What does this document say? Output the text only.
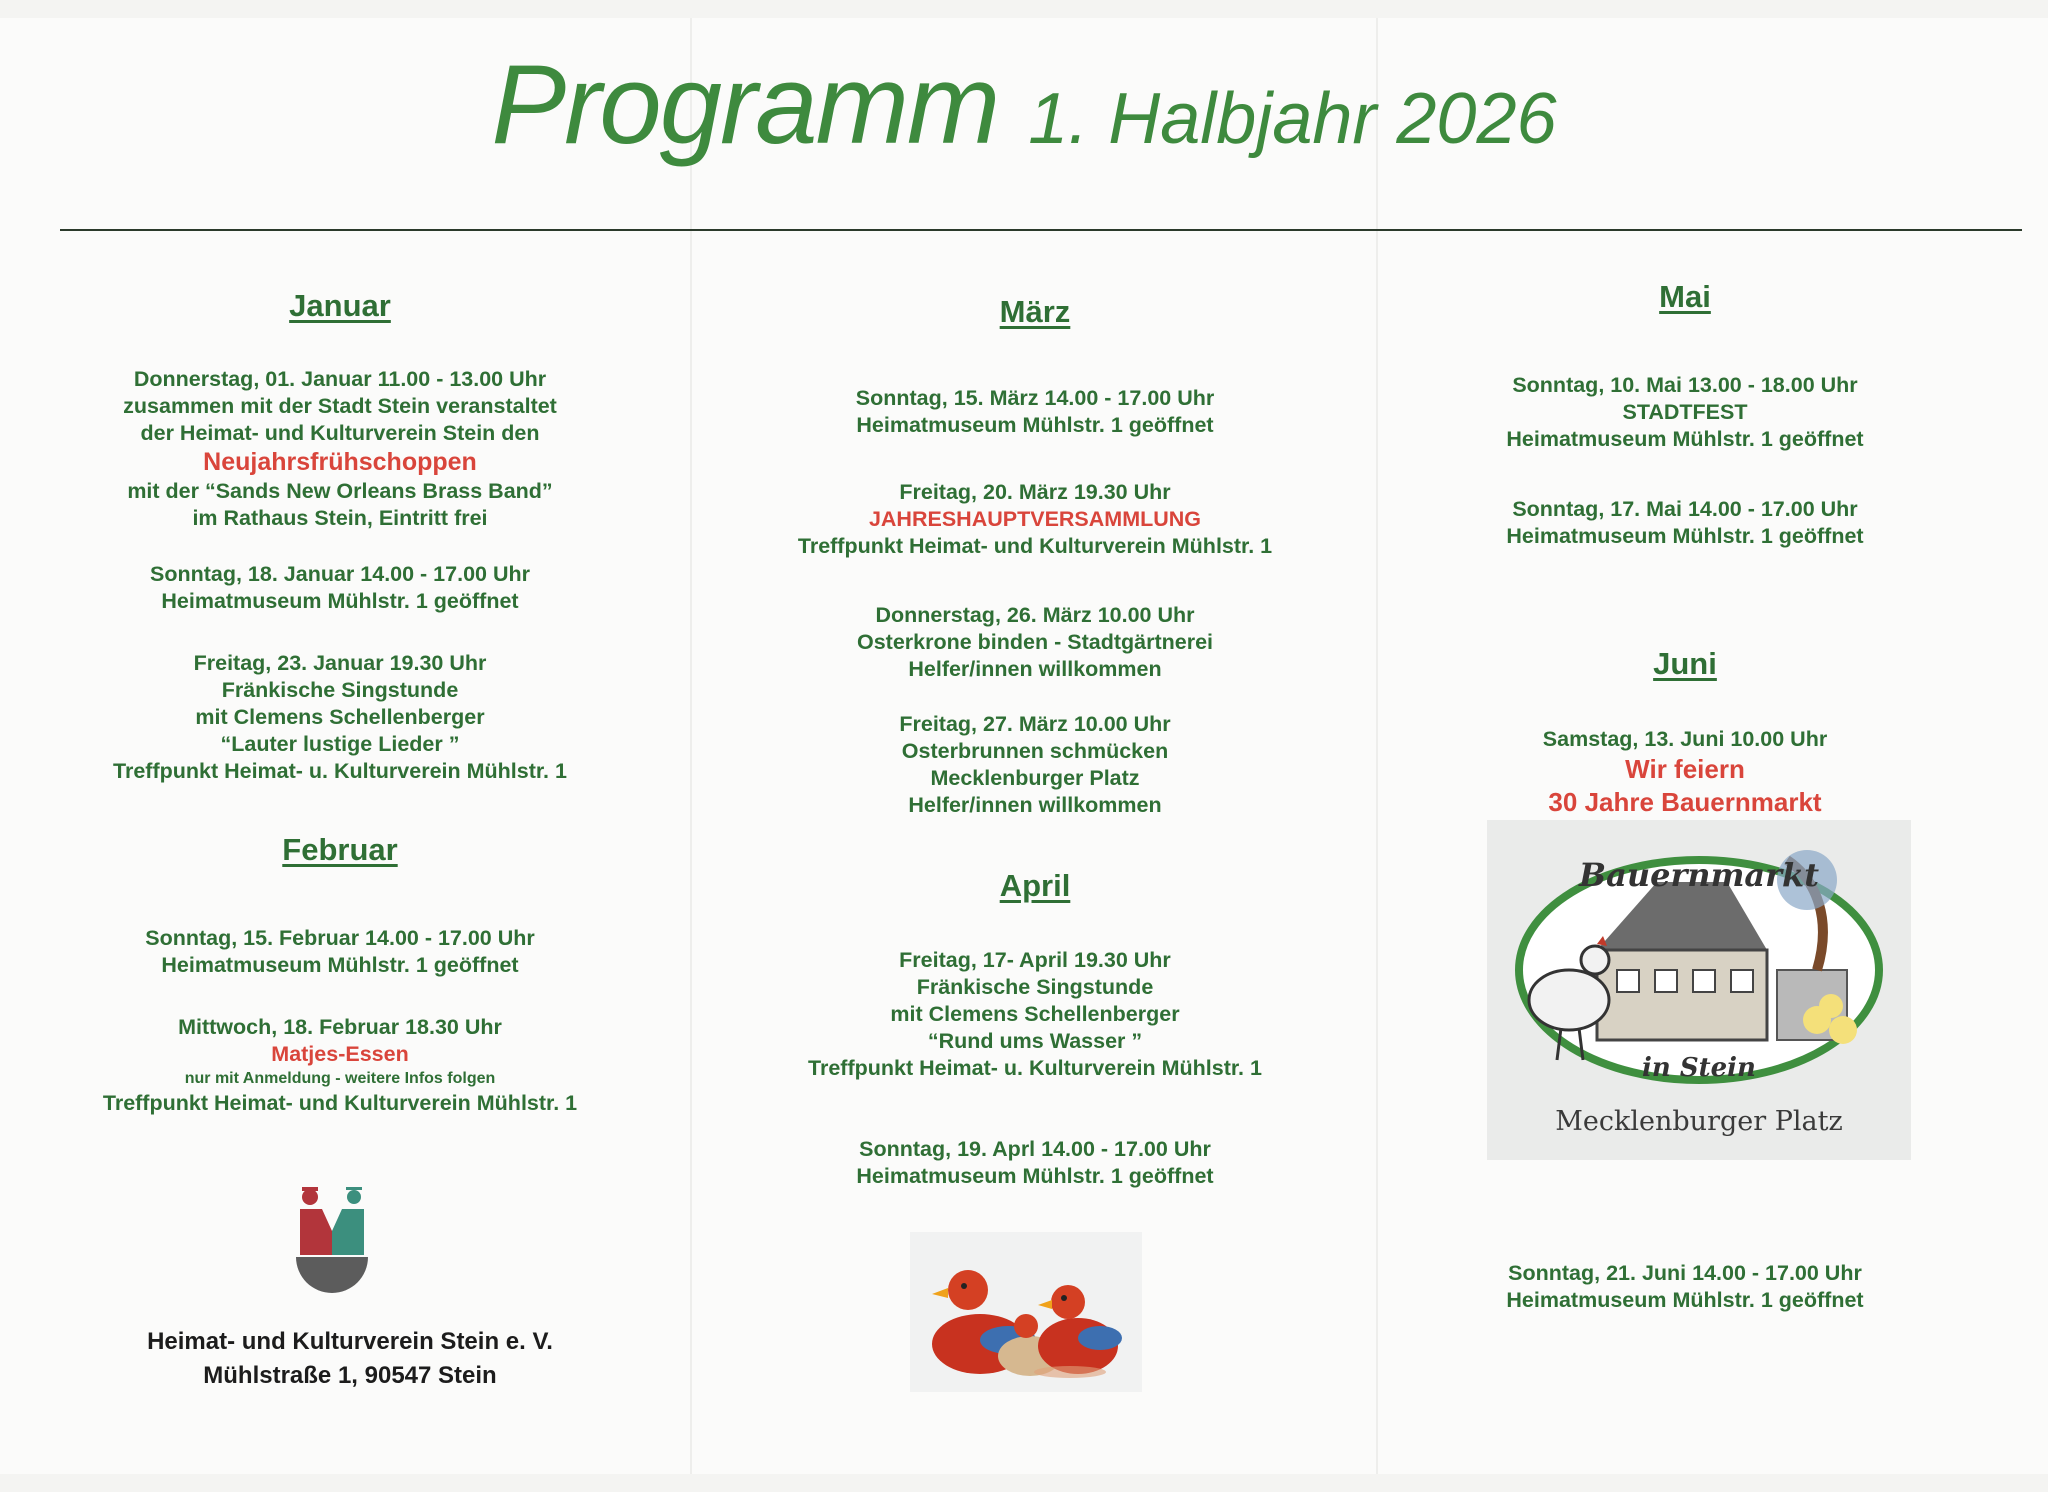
Programm 1. Halbjahr 2026
Januar
Donnerstag, 01. Januar 11.00 - 13.00 Uhr
zusammen mit der Stadt Stein veranstaltet
der Heimat- und Kulturverein Stein den
Neujahrsfrühschoppen
mit der “Sands New Orleans Brass Band”
im Rathaus Stein, Eintritt frei
Sonntag, 18. Januar 14.00 - 17.00 Uhr
Heimatmuseum Mühlstr. 1 geöffnet
Freitag, 23. Januar 19.30 Uhr
Fränkische Singstunde
mit Clemens Schellenberger
“Lauter lustige Lieder ”
Treffpunkt Heimat- u. Kulturverein Mühlstr. 1
Februar
Sonntag, 15. Februar 14.00 - 17.00 Uhr
Heimatmuseum Mühlstr. 1 geöffnet
Mittwoch, 18. Februar 18.30 Uhr
Matjes-Essen
nur mit Anmeldung - weitere Infos folgen
Treffpunkt Heimat- und Kulturverein Mühlstr. 1
Heimat- und Kulturverein Stein e. V.
Mühlstraße 1, 90547 Stein
März
Sonntag, 15. März 14.00 - 17.00 Uhr
Heimatmuseum Mühlstr. 1 geöffnet
Freitag, 20. März 19.30 Uhr
JAHRESHAUPTVERSAMMLUNG
Treffpunkt Heimat- und Kulturverein Mühlstr. 1
Donnerstag, 26. März 10.00 Uhr
Osterkrone binden - Stadtgärtnerei
Helfer/innen willkommen
Freitag, 27. März 10.00 Uhr
Osterbrunnen schmücken
Mecklenburger Platz
Helfer/innen willkommen
April
Freitag, 17- April 19.30 Uhr
Fränkische Singstunde
mit Clemens Schellenberger
“Rund ums Wasser ”
Treffpunkt Heimat- u. Kulturverein Mühlstr. 1
Sonntag, 19. Aprl 14.00 - 17.00 Uhr
Heimatmuseum Mühlstr. 1 geöffnet
Mai
Sonntag, 10. Mai 13.00 - 18.00 Uhr
STADTFEST
Heimatmuseum Mühlstr. 1 geöffnet
Sonntag, 17. Mai 14.00 - 17.00 Uhr
Heimatmuseum Mühlstr. 1 geöffnet
Juni
Samstag, 13. Juni 10.00 Uhr
Wir feiern
30 Jahre Bauernmarkt
Sonntag, 21. Juni 14.00 - 17.00 Uhr
Heimatmuseum Mühlstr. 1 geöffnet
Bauernmarkt
in Stein
Mecklenburger Platz
